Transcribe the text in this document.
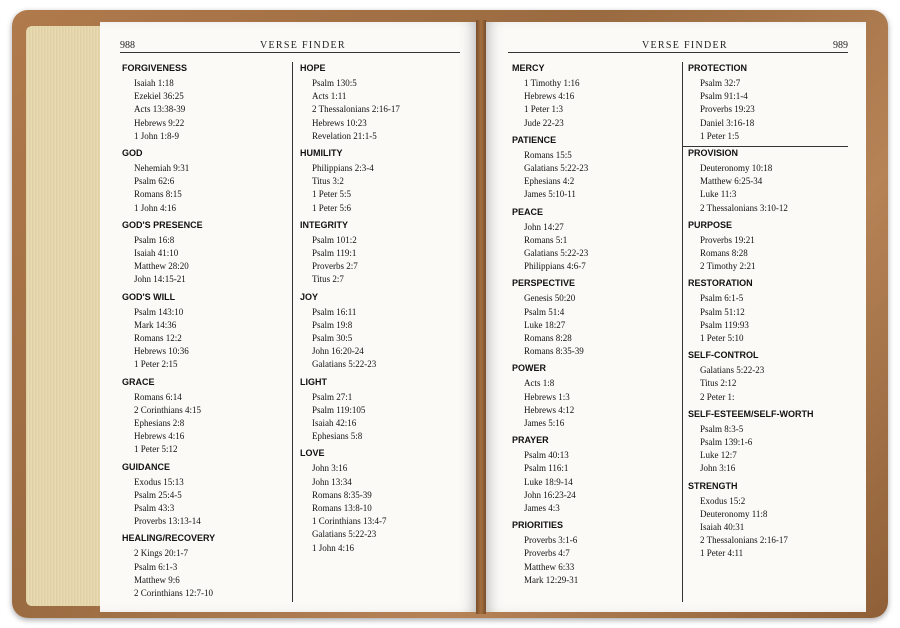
988	VERSE FINDER
FORGIVENESS
Isaiah 1:18
Ezekiel 36:25
Acts 13:38-39
Hebrews 9:22
1 John 1:8-9
GOD
Nehemiah 9:31
Psalm 62:6
Romans 8:15
1 John 4:16
GOD'S PRESENCE
Psalm 16:8
Isaiah 41:10
Matthew 28:20
John 14:15-21
GOD'S WILL
Psalm 143:10
Mark 14:36
Romans 12:2
Hebrews 10:36
1 Peter 2:15
GRACE
Romans 6:14
2 Corinthians 4:15
Ephesians 2:8
Hebrews 4:16
1 Peter 5:12
GUIDANCE
Exodus 15:13
Psalm 25:4-5
Psalm 43:3
Proverbs 13:13-14
HEALING/RECOVERY
2 Kings 20:1-7
Psalm 6:1-3
Matthew 9:6
2 Corinthians 12:7-10
HOPE
Psalm 130:5
Acts 1:11
2 Thessalonians 2:16-17
Hebrews 10:23
Revelation 21:1-5
HUMILITY
Philippians 2:3-4
Titus 3:2
1 Peter 5:5
1 Peter 5:6
INTEGRITY
Psalm 101:2
Psalm 119:1
Proverbs 2:7
Titus 2:7
JOY
Psalm 16:11
Psalm 19:8
Psalm 30:5
John 16:20-24
Galatians 5:22-23
LIGHT
Psalm 27:1
Psalm 119:105
Isaiah 42:16
Ephesians 5:8
LOVE
John 3:16
John 13:34
Romans 8:35-39
Romans 13:8-10
1 Corinthians 13:4-7
Galatians 5:22-23
1 John 4:16
VERSE FINDER	989
MERCY
1 Timothy 1:16
Hebrews 4:16
1 Peter 1:3
Jude 22-23
PATIENCE
Romans 15:5
Galatians 5:22-23
Ephesians 4:2
James 5:10-11
PEACE
John 14:27
Romans 5:1
Galatians 5:22-23
Philippians 4:6-7
PERSPECTIVE
Genesis 50:20
Psalm 51:4
Luke 18:27
Romans 8:28
Romans 8:35-39
POWER
Acts 1:8
Hebrews 1:3
Hebrews 4:12
James 5:16
PRAYER
Psalm 40:13
Psalm 116:1
Luke 18:9-14
John 16:23-24
James 4:3
PRIORITIES
Proverbs 3:1-6
Proverbs 4:7
Matthew 6:33
Mark 12:29-31
PROTECTION
Psalm 32:7
Psalm 91:1-4
Proverbs 19:23
Daniel 3:16-18
1 Peter 1:5
PROVISION
Deuteronomy 10:18
Matthew 6:25-34
Luke 11:3
2 Thessalonians 3:10-12
PURPOSE
Proverbs 19:21
Romans 8:28
2 Timothy 2:21
RESTORATION
Psalm 6:1-5
Psalm 51:12
Psalm 119:93
1 Peter 5:10
SELF-CONTROL
Galatians 5:22-23
Titus 2:12
2 Peter 1:
SELF-ESTEEM/SELF-WORTH
Psalm 8:3-5
Psalm 139:1-6
Luke 12:7
John 3:16
STRENGTH
Exodus 15:2
Deuteronomy 11:8
Isaiah 40:31
2 Thessalonians 2:16-17
1 Peter 4:11
